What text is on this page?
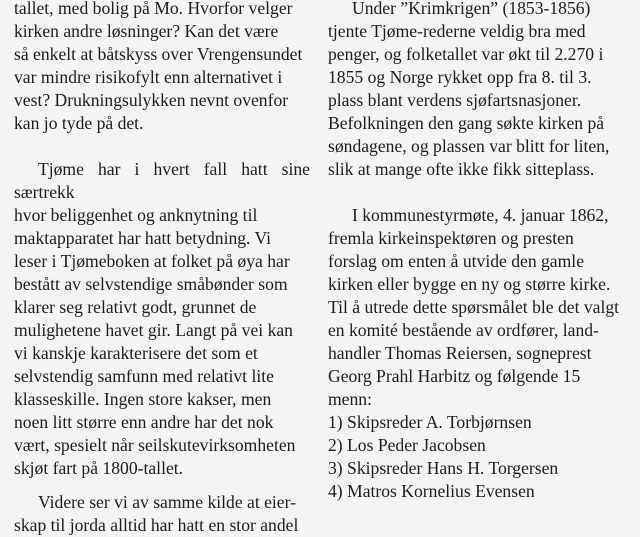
tallet, med bolig på Mo. Hvorfor velger

kirken andre løsninger? Kan det være

så enkelt at båtskyss over Vrengensundet

var mindre risikofylt enn alternativet i

vest? Drukningsulykken nevnt ovenfor

kan jo tyde på det.

Tjøme har i hvert fall hatt sine særtrekk

hvor beliggenhet og anknytning til

maktapparatet har hatt betydning. Vi

leser i Tjømeboken at folket på øya har

bestått av selvstendige småbønder som

klarer seg relativt godt, grunnet de

mulighetene havet gir. Langt på vei kan

vi kanskje karakterisere det som et

selvstendig samfunn med relativt lite

klasseskille. Ingen store kakser, men

noen litt større enn andre har det nok

vært, spesielt når seilskutevirksomheten

skjøt fart på 1800-tallet.

Videre ser vi av samme kilde at eier-

skap til jorda alltid har hatt en stor andel

Under ”Krimkrigen” (1853-1856)

tjente Tjøme-rederne veldig bra med

penger, og folketallet var økt til 2.270 i

1855 og Norge rykket opp fra 8. til 3.

plass blant verdens sjøfartsnasjoner.

Befolkningen den gang søkte kirken på

søndagene, og plassen var blitt for liten,

slik at mange ofte ikke fikk sitteplass.

I kommunestyrmøte, 4. januar 1862,

fremla kirkeinspektøren og presten

forslag om enten å utvide den gamle

kirken eller bygge en ny og større kirke.

Til å utrede dette spørsmålet ble det valgt

en komité bestående av ordfører, land-

handler Thomas Reiersen, sogneprest

Georg Prahl Harbitz og følgende 15

menn:

1) Skipsreder A. Torbjørnsen

2) Los Peder Jacobsen

3) Skipsreder Hans H. Torgersen

4) Matros Kornelius Evensen
